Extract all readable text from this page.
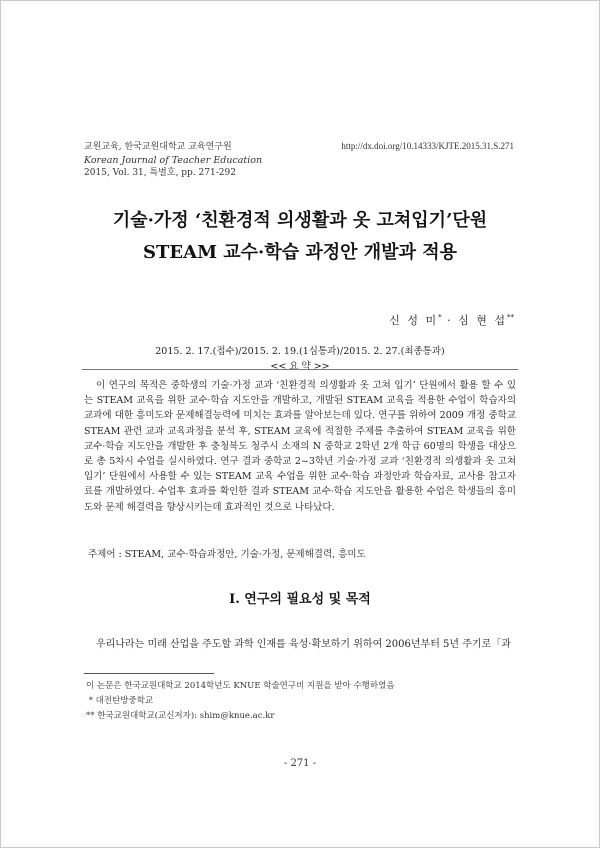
교원교육, 한국교원대학교 교육연구원
Korean Journal of Teacher Education
2015, Vol. 31, 특별호, pp. 271-292
http://dx.doi.org/10.14333/KJTE.2015.31.S.271
기술·가정 ‘친환경적 의생활과 옷 고쳐입기’단원
STEAM 교수·학습 과정안 개발과 적용
신 성 미* · 심 현 섭**
2015. 2. 17.(접수)/2015. 2. 19.(1심통과)/2015. 2. 27.(최종통과)
<< 요 약 >>

이 연구의 목적은 중학생의 기술·가정 교과 ‘친환경적 의생활과 옷 고쳐 입기’ 단원에서 활용 할 수 있는 STEAM 교육을 위한 교수·학습 지도안을 개발하고, 개발된 STEAM 교육을 적용한 수업이 학습자의 교과에 대한 흥미도와 문제해결능력에 미치는 효과를 알아보는데 있다. 연구를 위하여 2009 개정 중학교 STEAM 관련 교과 교육과정을 분석 후, STEAM 교육에 적절한 주제를 추출하여 STEAM 교육을 위한 교수·학습 지도안을 개발한 후 충청북도 청주시 소재의 N 중학교 2학년 2개 학급 60명의 학생을 대상으로 총 5차시 수업을 실시하였다. 연구 결과 중학교 2~3학년 기술·가정 교과 ‘친환경적 의생활과 옷 고쳐 입기’ 단원에서 사용할 수 있는 STEAM 교육 수업을 위한 교수·학습 과정안과 학습자료, 교사용 참고자료를 개발하였다. 수업후 효과를 확인한 결과 STEAM 교수·학습 지도안을 활용한 수업은 학생들의 흥미도와 문제 해결력을 향상시키는데 효과적인 것으로 나타났다.

주제어 : STEAM, 교수·학습과정안, 기술·가정, 문제해결력, 흥미도
Ⅰ. 연구의 필요성 및 목적
우리나라는 미래 산업을 주도할 과학 인재를 육성·확보하기 위하여 2006년부터 5년 주기로「과
이 논문은 한국교원대학교 2014학년도 KNUE 학술연구비 지원을 받아 수행하였음
* 대전탄방중학교
** 한국교원대학교(교신저자): shim@knue.ac.kr
- 271 -
